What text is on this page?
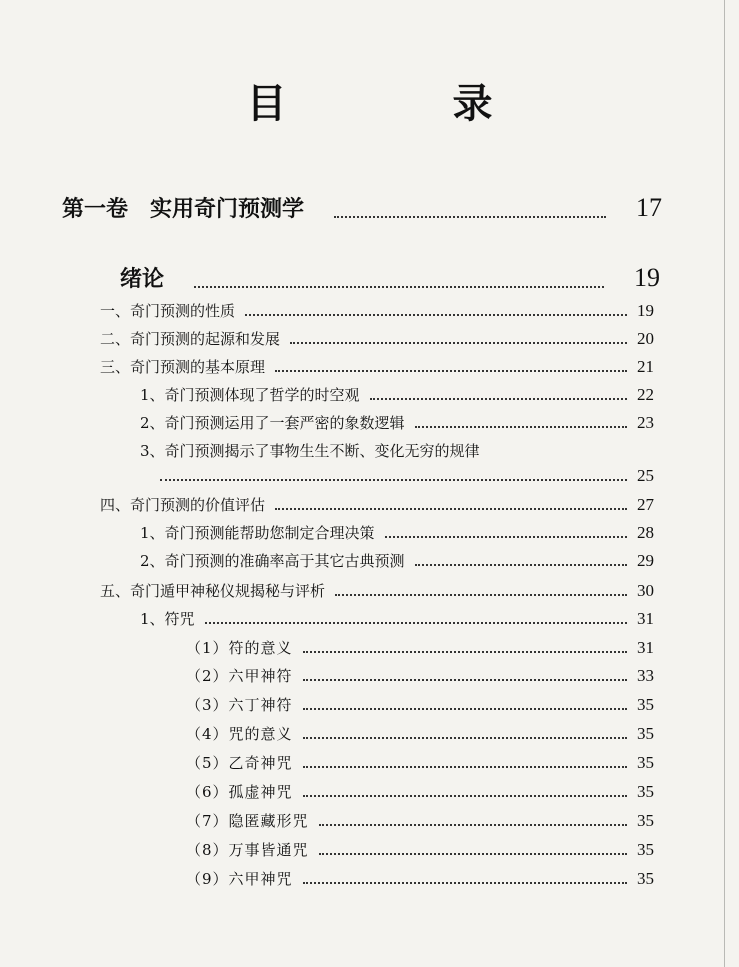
目 录
第一卷　实用奇门预测学	17
绪论	19
一、奇门预测的性质	19
二、奇门预测的起源和发展	20
三、奇门预测的基本原理	21
1、奇门预测体现了哲学的时空观	22
2、奇门预测运用了一套严密的象数逻辑	23
3、奇门预测揭示了事物生生不断、变化无穷的规律
25
四、奇门预测的价值评估	27
1、奇门预测能帮助您制定合理决策	28
2、奇门预测的准确率高于其它古典预测	29
五、奇门遁甲神秘仪规揭秘与评析	30
1、符咒	31
（1）符的意义	31
（2）六甲神符	33
（3）六丁神符	35
（4）咒的意义	35
（5）乙奇神咒	35
（6）孤虚神咒	35
（7）隐匿藏形咒	35
（8）万事皆通咒	35
（9）六甲神咒	35
